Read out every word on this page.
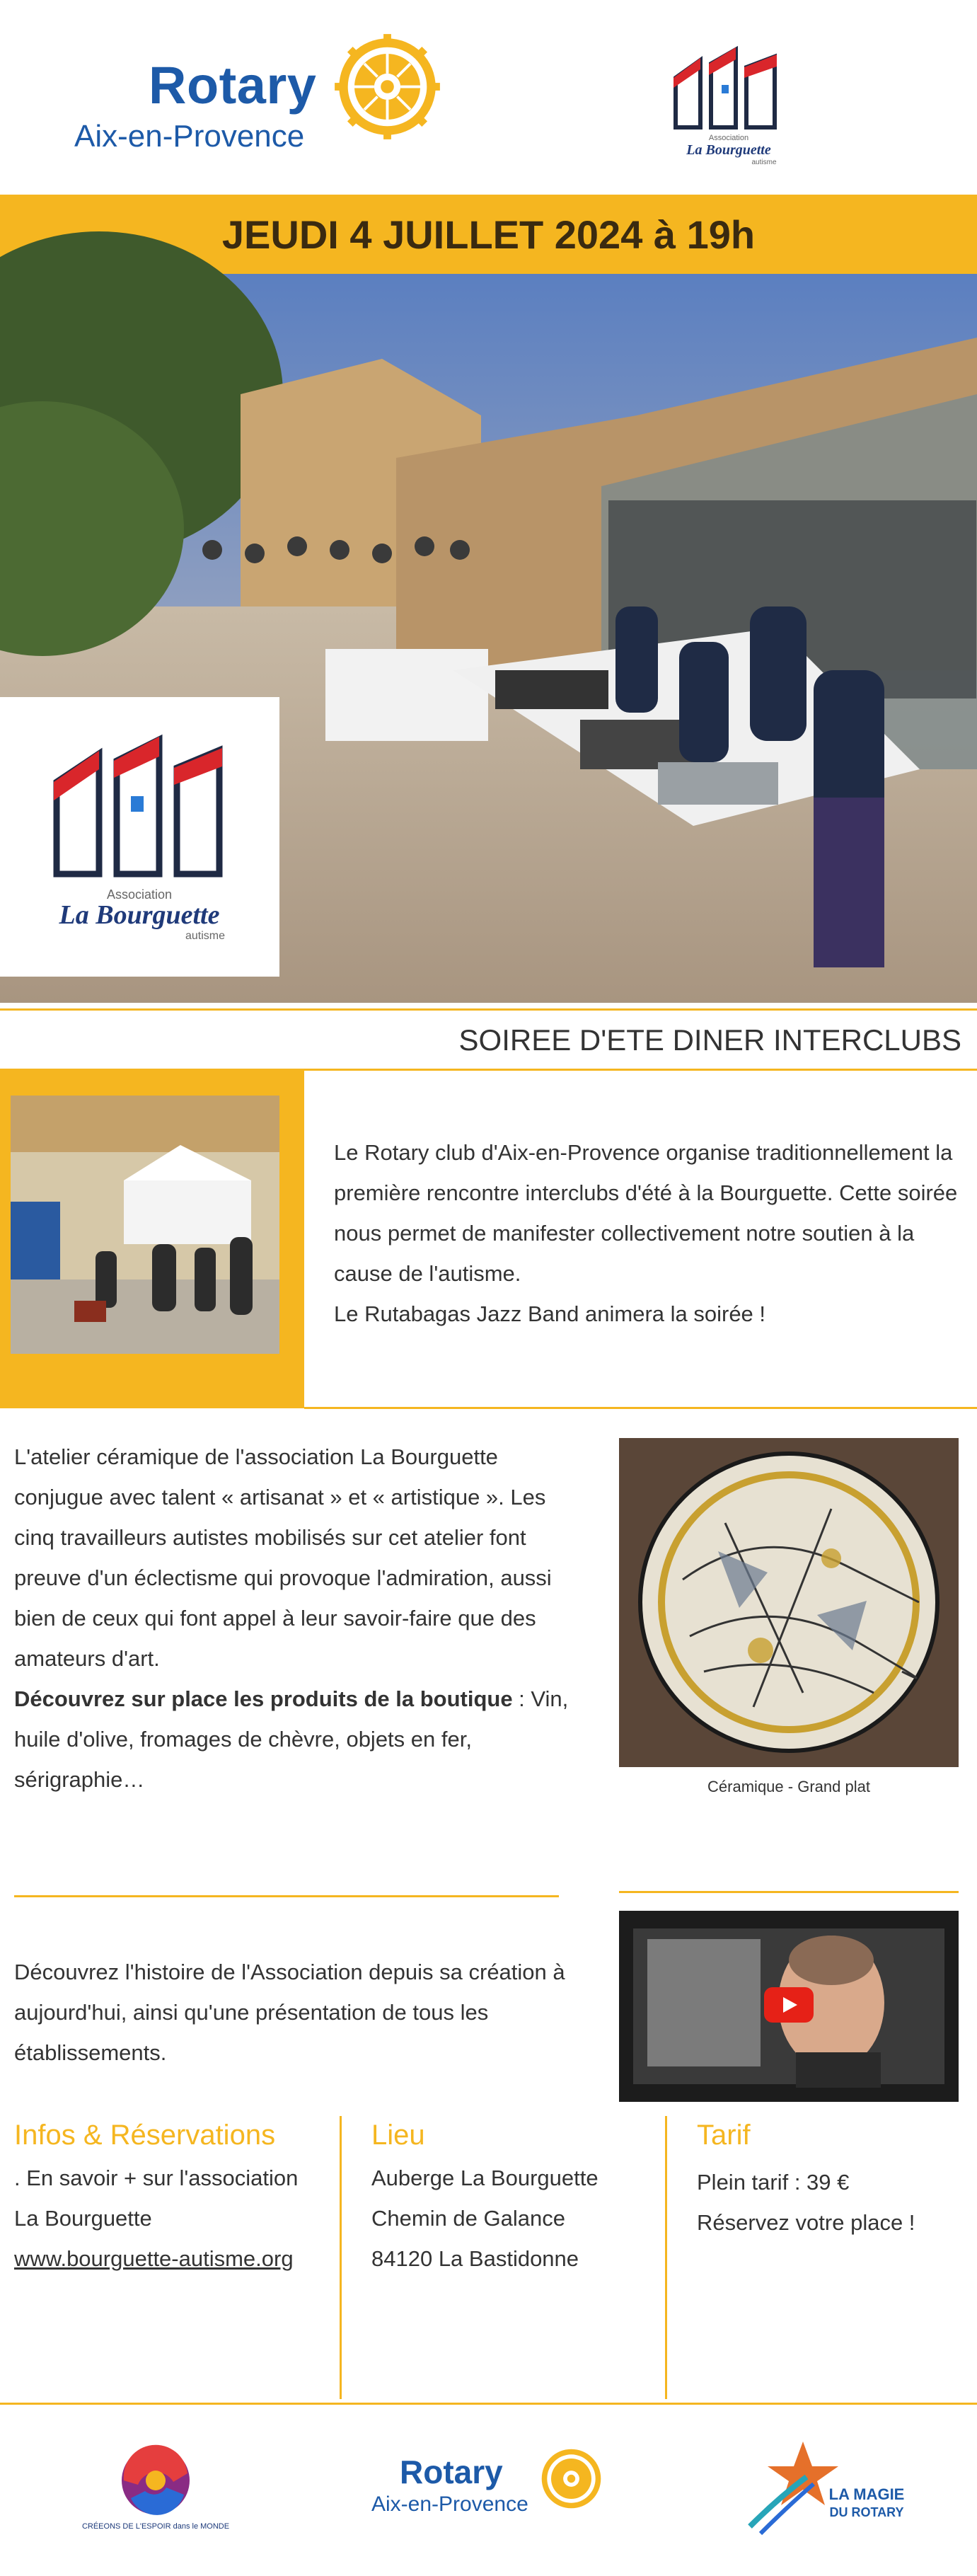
Rotary
Aix-en-Provence	Association
La Bourguette
autisme
JEUDI 4 JUILLET 2024 à 19h
Association
La Bourguette
autisme
SOIREE D'ETE DINER INTERCLUBS
Le Rotary club d'Aix-en-Provence organise traditionnellement la première rencontre interclubs d'été à la Bourguette. Cette soirée nous permet de manifester collectivement notre soutien à la cause de l'autisme.
Le Rutabagas Jazz Band animera la soirée !
L'atelier céramique de l'association La Bourguette conjugue avec talent « artisanat » et « artistique ». Les cinq travailleurs autistes mobilisés sur cet atelier font preuve d'un éclectisme qui provoque l'admiration, aussi bien de ceux qui font appel à leur savoir-faire que des amateurs d'art.
Découvrez sur place les produits de la boutique : Vin, huile d'olive, fromages de chèvre, objets en fer, sérigraphie…	Céramique - Grand plat
Découvrez l'histoire de l'Association depuis sa création à aujourd'hui, ainsi qu'une présentation de tous les établissements.
Infos & Réservations
. En savoir + sur l'association La Bourguette
www.bourguette-autisme.org
Lieu
Auberge La Bourguette
Chemin de Galance
84120 La Bastidonne
Tarif
Plein tarif : 39 €
Réservez votre place !
CRÉEONS DE L'ESPOIR dans le MONDE
Rotary
Aix-en-Provence	LA MAGIE
DU ROTARY
